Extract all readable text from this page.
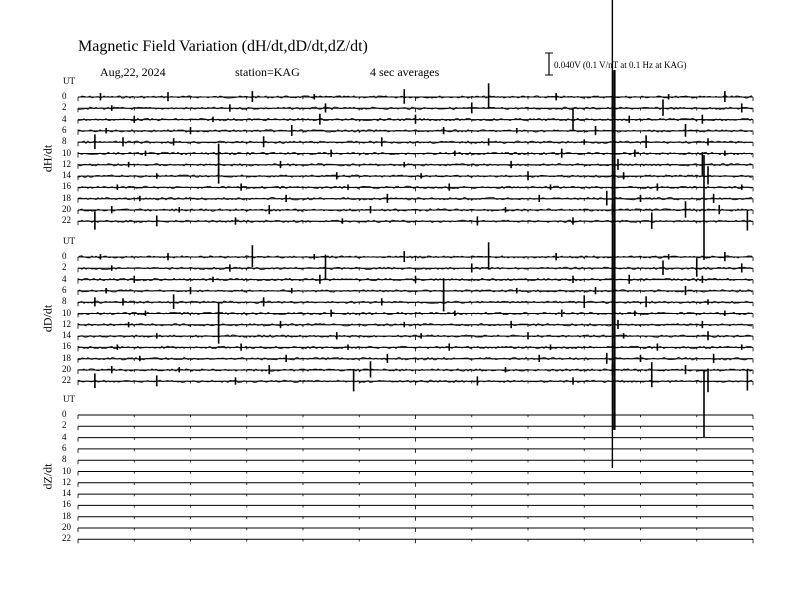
Magnetic Field Variation (dH/dt,dD/dt,dZ/dt)
Aug,22, 2024	station=KAG	4 sec averages	0.040V (0.1 V/nT at 0.1 Hz at KAG)
UT
dH/dt
0
2
4
6
8
10
12
14
16
18
20
22
UT
dD/dt
0
2
4
6
8
10
12
14
16
18
20
22
UT
dZ/dt
0
2
4
6
8
10
12
14
16
18
20
22
